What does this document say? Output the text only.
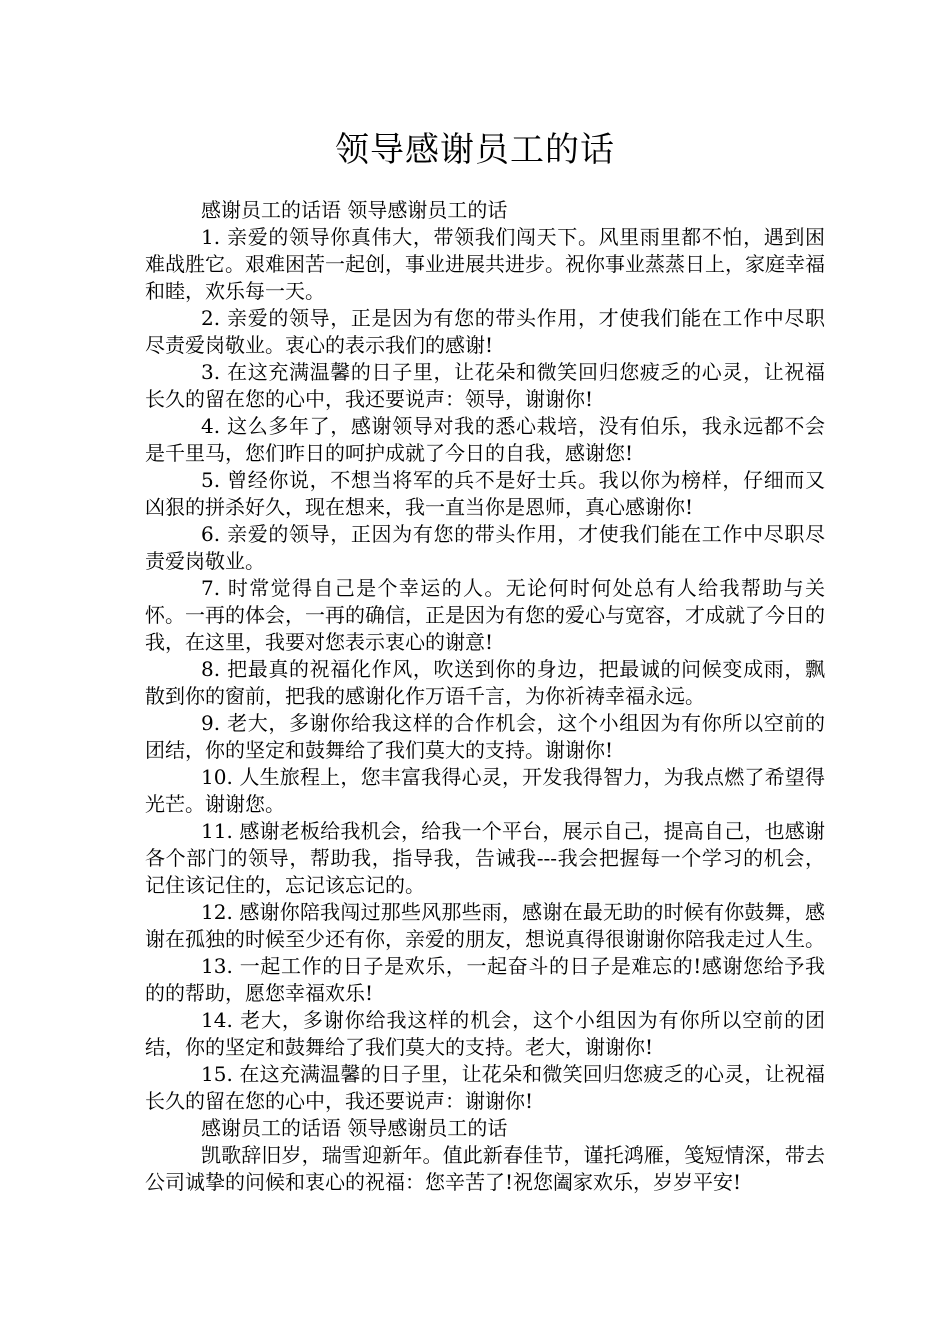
领导感谢员工的话

感谢员工的话语 领导感谢员工的话

1. 亲爱的领导你真伟大，带领我们闯天下。风里雨里都不怕，遇到困难战胜它。艰难困苦一起创，事业进展共进步。祝你事业蒸蒸日上，家庭幸福和睦，欢乐每一天。

2. 亲爱的领导，正是因为有您的带头作用，才使我们能在工作中尽职尽责爱岗敬业。衷心的表示我们的感谢!

3. 在这充满温馨的日子里，让花朵和微笑回归您疲乏的心灵，让祝福长久的留在您的心中，我还要说声：领导，谢谢你!

4. 这么多年了，感谢领导对我的悉心栽培，没有伯乐，我永远都不会是千里马，您们昨日的呵护成就了今日的自我，感谢您!

5. 曾经你说，不想当将军的兵不是好士兵。我以你为榜样，仔细而又凶狠的拼杀好久，现在想来，我一直当你是恩师，真心感谢你!

6. 亲爱的领导，正因为有您的带头作用，才使我们能在工作中尽职尽责爱岗敬业。

7. 时常觉得自己是个幸运的人。无论何时何处总有人给我帮助与关怀。一再的体会，一再的确信，正是因为有您的爱心与宽容，才成就了今日的我，在这里，我要对您表示衷心的谢意!

8. 把最真的祝福化作风，吹送到你的身边，把最诚的问候变成雨，飘散到你的窗前，把我的感谢化作万语千言，为你祈祷幸福永远。

9. 老大，多谢你给我这样的合作机会，这个小组因为有你所以空前的团结，你的坚定和鼓舞给了我们莫大的支持。谢谢你!

10. 人生旅程上，您丰富我得心灵，开发我得智力，为我点燃了希望得光芒。谢谢您。

11. 感谢老板给我机会，给我一个平台，展示自己，提高自己，也感谢各个部门的领导，帮助我，指导我，告诫我---我会把握每一个学习的机会，记住该记住的，忘记该忘记的。

12. 感谢你陪我闯过那些风那些雨，感谢在最无助的时候有你鼓舞，感谢在孤独的时候至少还有你，亲爱的朋友，想说真得很谢谢你陪我走过人生。

13. 一起工作的日子是欢乐，一起奋斗的日子是难忘的!感谢您给予我的的帮助，愿您幸福欢乐!

14. 老大，多谢你给我这样的机会，这个小组因为有你所以空前的团结，你的坚定和鼓舞给了我们莫大的支持。老大，谢谢你!

15. 在这充满温馨的日子里，让花朵和微笑回归您疲乏的心灵，让祝福长久的留在您的心中，我还要说声：谢谢你!

感谢员工的话语 领导感谢员工的话

凯歌辞旧岁，瑞雪迎新年。值此新春佳节，谨托鸿雁，笺短情深，带去公司诚挚的问候和衷心的祝福：您辛苦了!祝您阖家欢乐，岁岁平安!
